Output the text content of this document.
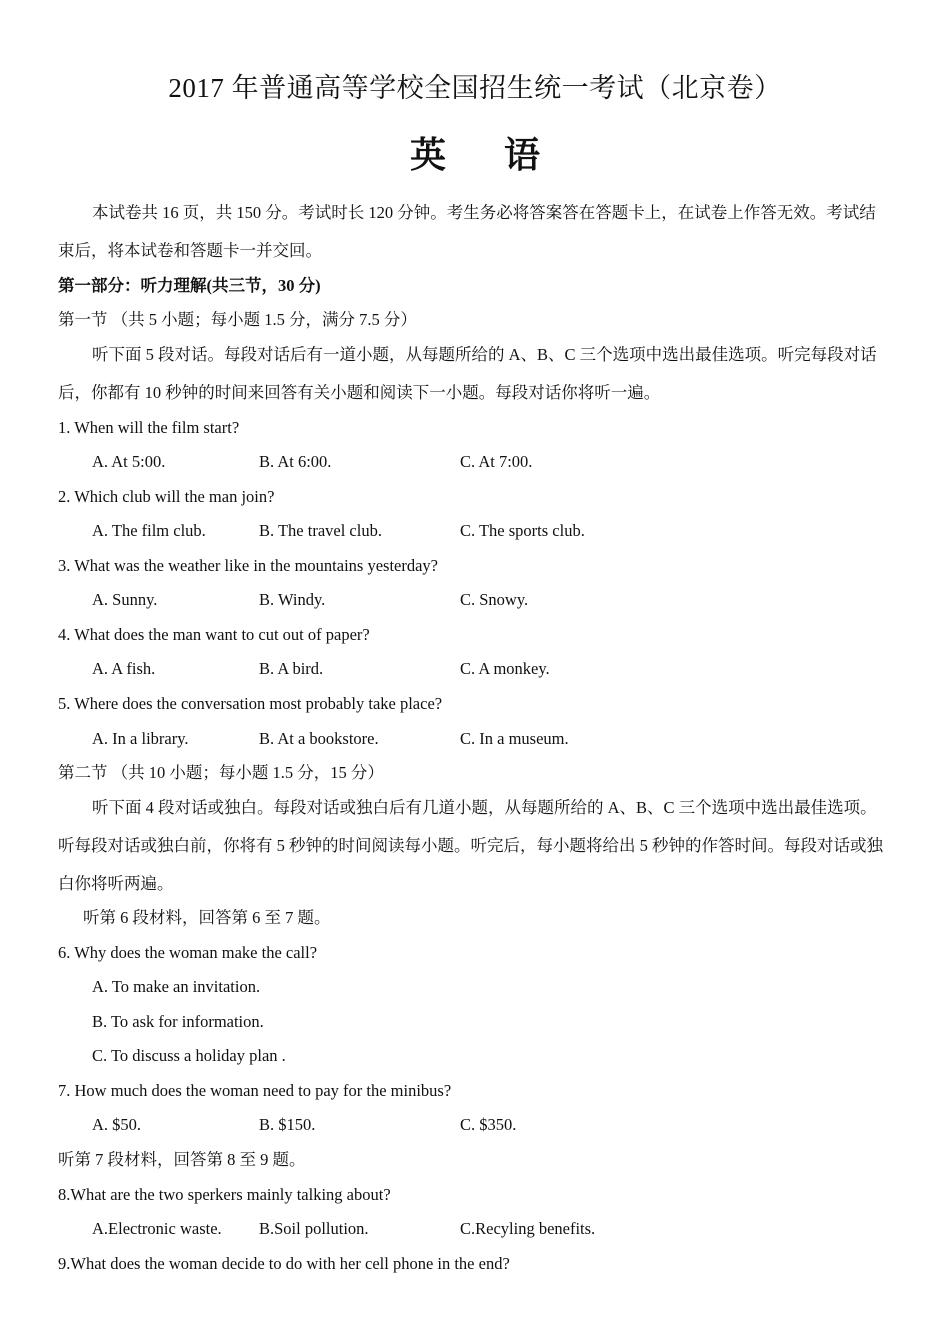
2017 年普通高等学校全国招生统一考试（北京卷）
英语
本试卷共 16 页，共 150 分。考试时长 120 分钟。考生务必将答案答在答题卡上，在试卷上作答无效。考试结
束后，将本试卷和答题卡一并交回。
第一部分：听力理解(共三节，30 分)
第一节 （共 5 小题；每小题 1.5 分，满分 7.5 分）
听下面 5 段对话。每段对话后有一道小题，从每题所给的 A、B、C 三个选项中选出最佳选项。听完每段对话
后，你都有 10 秒钟的时间来回答有关小题和阅读下一小题。每段对话你将听一遍。
1. When will the film start?
A. At 5:00.	B. At 6:00.	C. At 7:00.
2. Which club will the man join?
A. The film club.	B. The travel club.	C. The sports club.
3. What was the weather like in the mountains yesterday?
A. Sunny.	B. Windy.	C. Snowy.
4. What does the man want to cut out of paper?
A. A fish.	B. A bird.	C. A monkey.
5. Where does the conversation most probably take place?
A. In a library.	B. At a bookstore.	C. In a museum.
第二节 （共 10 小题；每小题 1.5 分，15 分）
听下面 4 段对话或独白。每段对话或独白后有几道小题，从每题所给的 A、B、C 三个选项中选出最佳选项。
听每段对话或独白前，你将有 5 秒钟的时间阅读每小题。听完后，每小题将给出 5 秒钟的作答时间。每段对话或独
白你将听两遍。
听第 6 段材料，回答第 6 至 7 题。
6. Why does the woman make the call?
A. To make an invitation.
B. To ask for information.
C. To discuss a holiday plan .
7. How much does the woman need to pay for the minibus?
A. $50.	B. $150.	C. $350.
听第 7 段材料，回答第 8 至 9 题。
8.What are the two sperkers mainly talking about?
A.Electronic waste. B.Soil pollution.	C.Recyling benefits.
9.What does the woman decide to do with her cell phone in the end?
